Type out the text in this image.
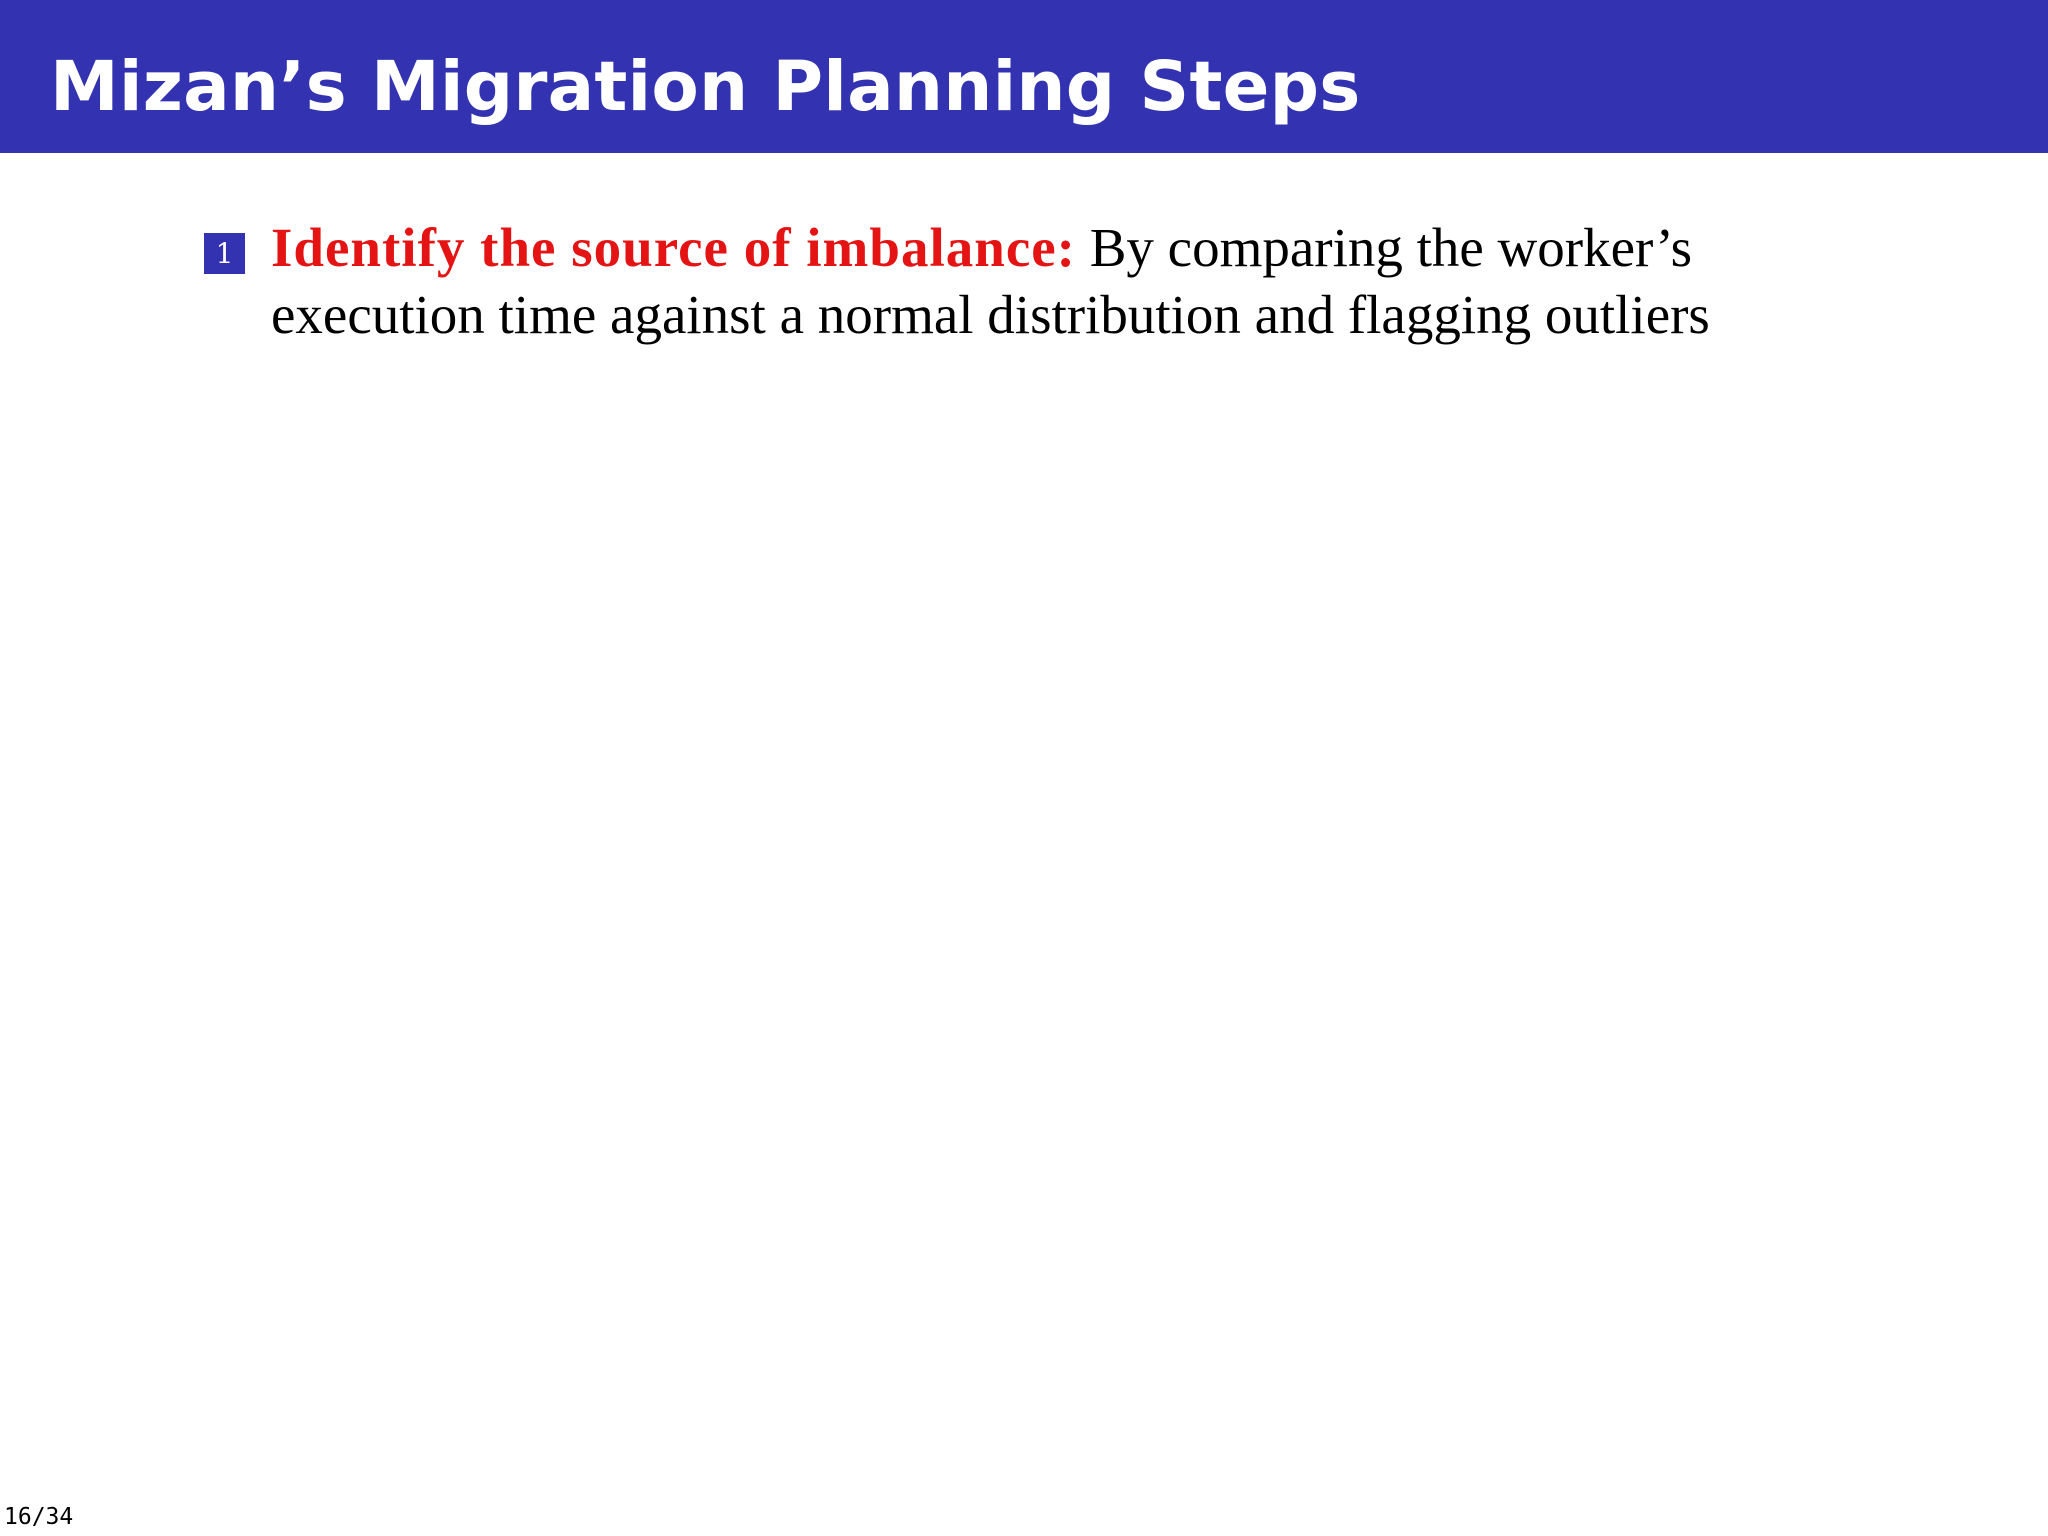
Mizan’s Migration Planning Steps
1 Identify the source of imbalance: By comparing the worker’s

execution time against a normal distribution and flagging outliers

16/34
